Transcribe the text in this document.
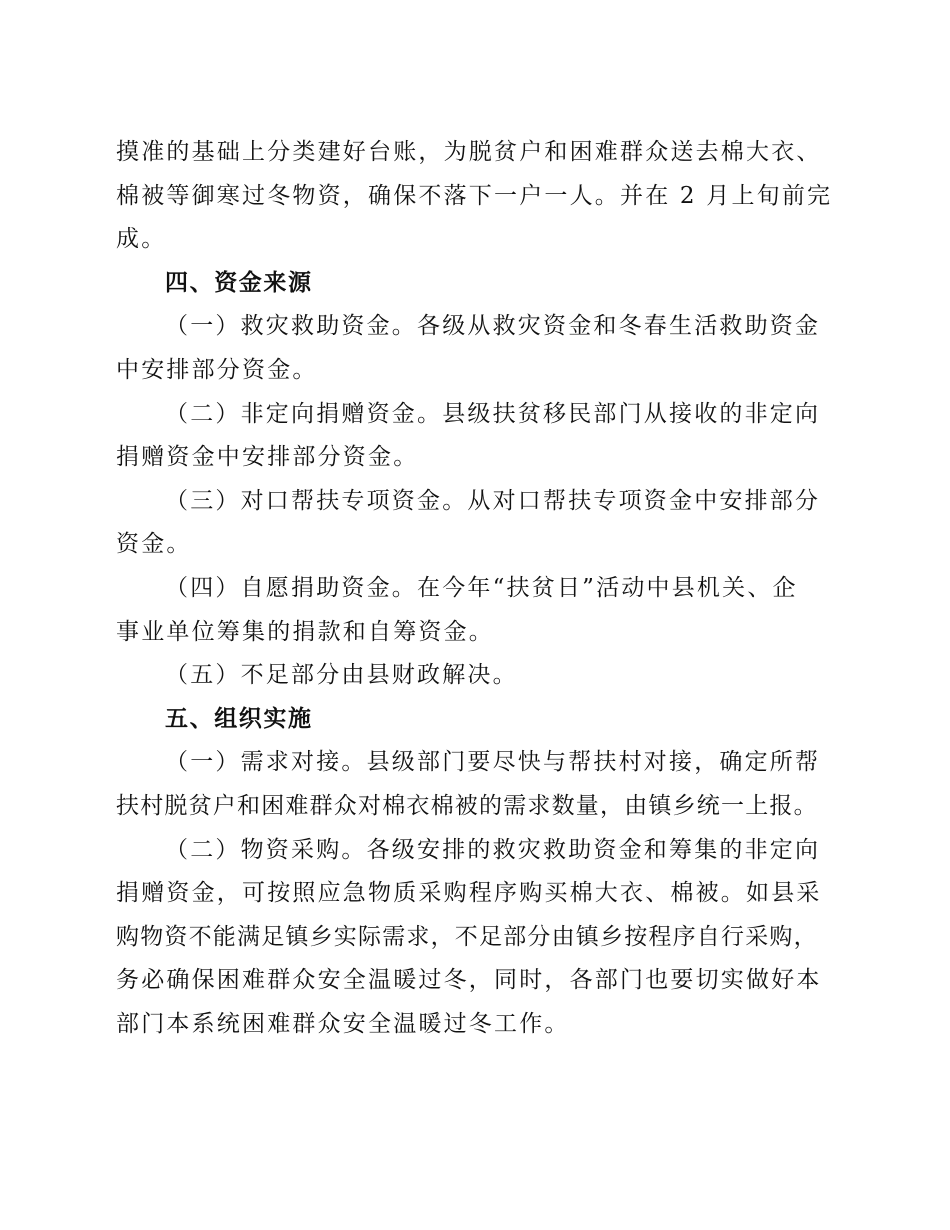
摸准的基础上分类建好台账，为脱贫户和困难群众送去棉大衣、

棉被等御寒过冬物资，确保不落下一户一人。并在 2 月上旬前完

成。

四、资金来源

（一）救灾救助资金。各级从救灾资金和冬春生活救助资金

中安排部分资金。

（二）非定向捐赠资金。县级扶贫移民部门从接收的非定向

捐赠资金中安排部分资金。

（三）对口帮扶专项资金。从对口帮扶专项资金中安排部分

资金。

（四）自愿捐助资金。在今年“扶贫日”活动中县机关、企

事业单位筹集的捐款和自筹资金。

（五）不足部分由县财政解决。

五、组织实施

（一）需求对接。县级部门要尽快与帮扶村对接，确定所帮

扶村脱贫户和困难群众对棉衣棉被的需求数量，由镇乡统一上报。

（二）物资采购。各级安排的救灾救助资金和筹集的非定向

捐赠资金，可按照应急物质采购程序购买棉大衣、棉被。如县采

购物资不能满足镇乡实际需求，不足部分由镇乡按程序自行采购，

务必确保困难群众安全温暖过冬，同时，各部门也要切实做好本

部门本系统困难群众安全温暖过冬工作。
